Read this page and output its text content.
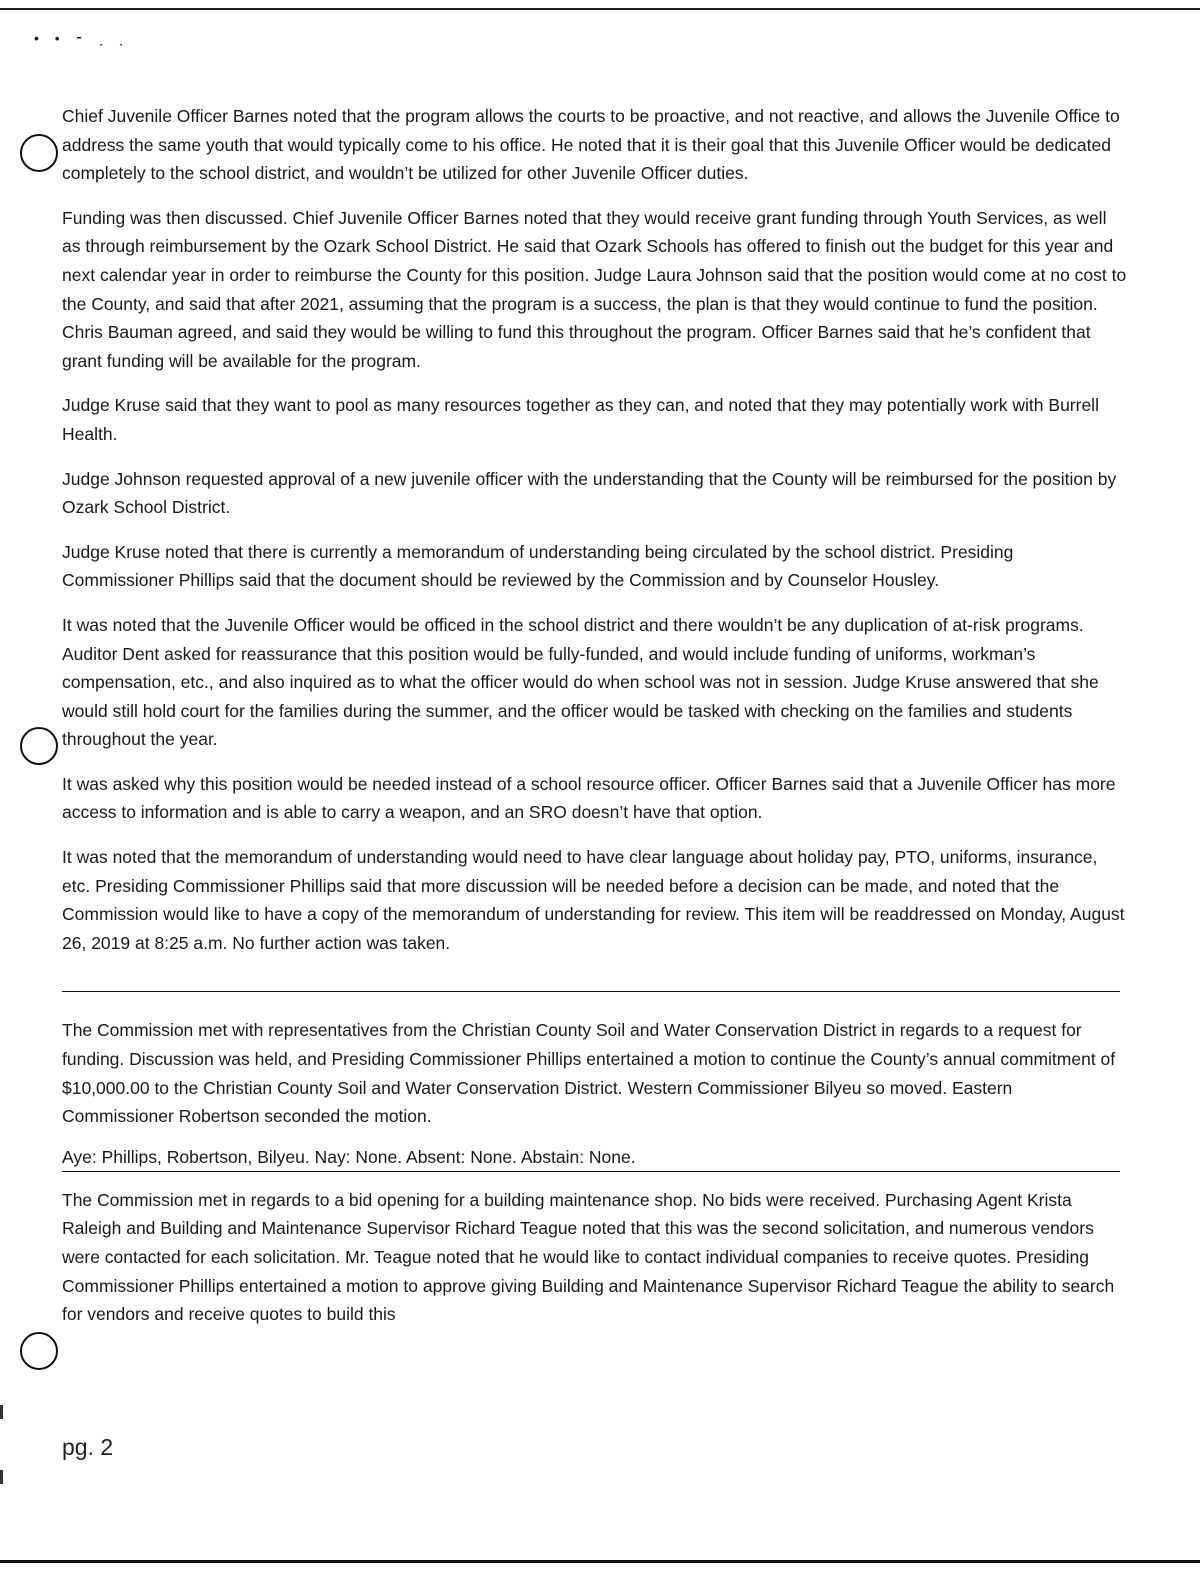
• • ⁃ ˏ ˎ

Chief Juvenile Officer Barnes noted that the program allows the courts to be proactive, and not reactive, and allows the Juvenile Office to address the same youth that would typically come to his office. He noted that it is their goal that this Juvenile Officer would be dedicated completely to the school district, and wouldn’t be utilized for other Juvenile Officer duties.

Funding was then discussed. Chief Juvenile Officer Barnes noted that they would receive grant funding through Youth Services, as well as through reimbursement by the Ozark School District. He said that Ozark Schools has offered to finish out the budget for this year and next calendar year in order to reimburse the County for this position. Judge Laura Johnson said that the position would come at no cost to the County, and said that after 2021, assuming that the program is a success, the plan is that they would continue to fund the position. Chris Bauman agreed, and said they would be willing to fund this throughout the program. Officer Barnes said that he’s confident that grant funding will be available for the program.

Judge Kruse said that they want to pool as many resources together as they can, and noted that they may potentially work with Burrell Health.

Judge Johnson requested approval of a new juvenile officer with the understanding that the County will be reimbursed for the position by Ozark School District.

Judge Kruse noted that there is currently a memorandum of understanding being circulated by the school district. Presiding Commissioner Phillips said that the document should be reviewed by the Commission and by Counselor Housley.

It was noted that the Juvenile Officer would be officed in the school district and there wouldn’t be any duplication of at-risk programs. Auditor Dent asked for reassurance that this position would be fully-funded, and would include funding of uniforms, workman’s compensation, etc., and also inquired as to what the officer would do when school was not in session. Judge Kruse answered that she would still hold court for the families during the summer, and the officer would be tasked with checking on the families and students throughout the year.

It was asked why this position would be needed instead of a school resource officer. Officer Barnes said that a Juvenile Officer has more access to information and is able to carry a weapon, and an SRO doesn’t have that option.

It was noted that the memorandum of understanding would need to have clear language about holiday pay, PTO, uniforms, insurance, etc. Presiding Commissioner Phillips said that more discussion will be needed before a decision can be made, and noted that the Commission would like to have a copy of the memorandum of understanding for review. This item will be readdressed on Monday, August 26, 2019 at 8:25 a.m. No further action was taken.

The Commission met with representatives from the Christian County Soil and Water Conservation District in regards to a request for funding. Discussion was held, and Presiding Commissioner Phillips entertained a motion to continue the County’s annual commitment of $10,000.00 to the Christian County Soil and Water Conservation District. Western Commissioner Bilyeu so moved. Eastern Commissioner Robertson seconded the motion.

Aye: Phillips, Robertson, Bilyeu. Nay: None. Absent: None. Abstain: None.

The Commission met in regards to a bid opening for a building maintenance shop. No bids were received. Purchasing Agent Krista Raleigh and Building and Maintenance Supervisor Richard Teague noted that this was the second solicitation, and numerous vendors were contacted for each solicitation. Mr. Teague noted that he would like to contact individual companies to receive quotes. Presiding Commissioner Phillips entertained a motion to approve giving Building and Maintenance Supervisor Richard Teague the ability to search for vendors and receive quotes to build this

pg. 2
